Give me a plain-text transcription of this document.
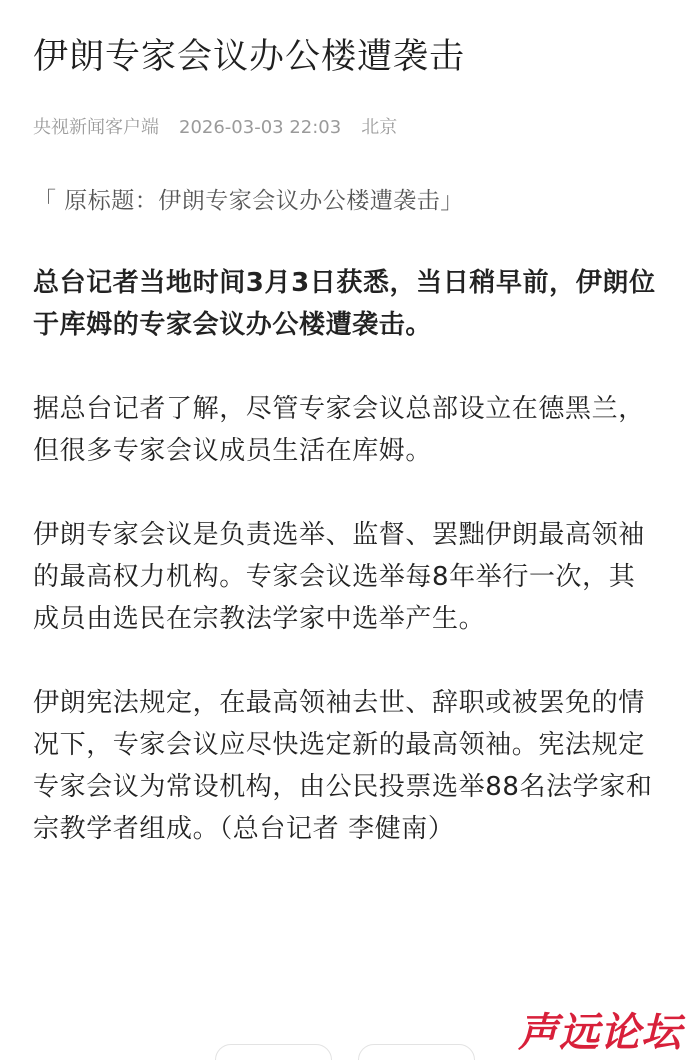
伊朗专家会议办公楼遭袭击
央视新闻客户端 2026-03-03 22:03 北京
「 原标题：伊朗专家会议办公楼遭袭击」

总台记者当地时间3月3日获悉，当日稍早前，伊朗位于库姆的专家会议办公楼遭袭击。

据总台记者了解，尽管专家会议总部设立在德黑兰，但很多专家会议成员生活在库姆。

伊朗专家会议是负责选举、监督、罢黜伊朗最高领袖的最高权力机构。专家会议选举每8年举行一次，其成员由选民在宗教法学家中选举产生。

伊朗宪法规定，在最高领袖去世、辞职或被罢免的情况下，专家会议应尽快选定新的最高领袖。宪法规定专家会议为常设机构，由公民投票选举88名法学家和宗教学者组成。（总台记者 李健南）

声远论坛
